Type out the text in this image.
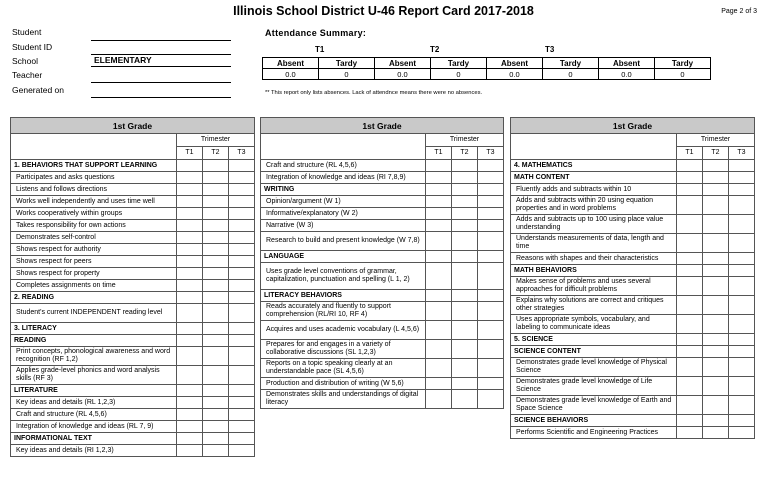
Illinois School District U-46 Report Card 2017-2018	Page 2 of 3
Student
Student ID
School	ELEMENTARY
Teacher
Generated on
Attendance Summary:
T1	T2	T3
Absent	Tardy	Absent	Tardy	Absent	Tardy	Absent	Tardy
0.0	0	0.0	0	0.0	0	0.0	0
** This report only lists absences. Lack of attendnce means there were no absences.
1st Grade			
	Trimester		
	T1	T2	T3
1. BEHAVIORS THAT SUPPORT LEARNING			
Participates and asks questions			
Listens and follows directions			
Works well independently and uses time well			
Works cooperatively within groups			
Takes responsibility for own actions			
Demonstrates self-control			
Shows respect for authority			
Shows respect for peers			
Shows respect for property			
Completes assignments on time			
2. READING			
Student's current INDEPENDENT reading level			
3. LITERACY			
READING			
Print concepts, phonological awareness and word recognition (RF 1,2)			
Applies grade-level phonics and word analysis skills (RF 3)			
LITERATURE			
Key ideas and details (RL 1,2,3)			
Craft and structure (RL 4,5,6)			
Integration of knowledge and ideas (RL 7, 9)			
INFORMATIONAL TEXT			
Key ideas and details (RI 1,2,3)			
1st Grade			
	Trimester		
	T1	T2	T3
Craft and structure (RL 4,5,6)			
Integration of knowledge and ideas (RI 7,8,9)			
WRITING			
Opinion/argument (W 1)			
Informative/explanatory (W 2)			
Narrative (W 3)			
Research to build and present knowledge (W 7,8)			
LANGUAGE			
Uses grade level conventions of grammar, capitalization, punctuation and spelling (L 1, 2)			
LITERACY BEHAVIORS			
Reads accurately and fluently to support comprehension (RL/RI 10, RF 4)			
Acquires and uses academic vocabulary (L 4,5,6)			
Prepares for and engages in a variety of collaborative discussions (SL 1,2,3)			
Reports on a topic speaking clearly at an understandable pace (SL 4,5,6)			
Production and distribution of writing (W 5,6)			
Demonstrates skills and understandings of digital literacy			
1st Grade			
	Trimester		
	T1	T2	T3
4. MATHEMATICS			
MATH CONTENT			
Fluently adds and subtracts within 10			
Adds and subtracts within 20 using equation properties and in word problems			
Adds and subtracts up to 100 using place value understanding			
Understands measurements of data, length and time			
Reasons with shapes and their characteristics			
MATH BEHAVIORS			
Makes sense of problems and uses several approaches for difficult problems			
Explains why solutions are correct and critiques other strategies			
Uses appropriate symbols, vocabulary, and labeling to communicate ideas			
5. SCIENCE			
SCIENCE CONTENT			
Demonstrates grade level knowledge of Physical Science			
Demonstrates grade level knowledge of Life Science			
Demonstrates grade level knowledge of Earth and Space Science			
SCIENCE BEHAVIORS			
Performs Scientific and Engineering Practices			
